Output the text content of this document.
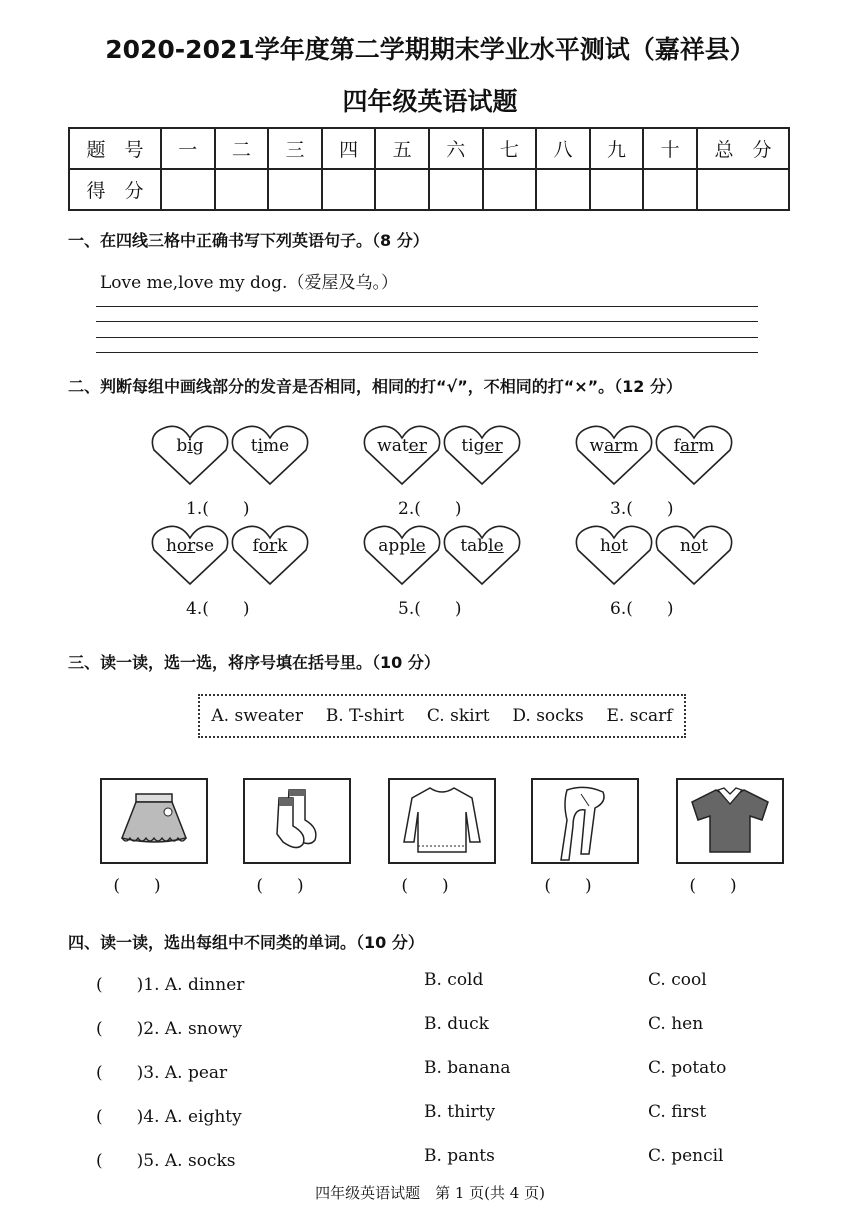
2020-2021学年度第二学期期末学业水平测试（嘉祥县）
四年级英语试题
题　号	一	二	三	四	五	六	七	八	九	十	总　分
得　分											
一、在四线三格中正确书写下列英语句子。（8 分）
Love me,love my dog.（爱屋及乌。）
二、判断每组中画线部分的发音是否相同，相同的打“√”，不相同的打“×”。（12 分）
big	time
1.(　　)
water	tiger
2.(　　)
warm	farm
3.(　　)
horse	fork
4.(　　)
apple	table
5.(　　)
hot	not
6.(　　)
三、读一读，选一选，将序号填在括号里。（10 分）
A. sweater B. T-shirt C. skirt D. socks E. scarf
()	()	()	()	()
四、读一读，选出每组中不同类的单词。（10 分）
(　　)1. A. dinner	B. cold	C. cool
(　　)2. A. snowy	B. duck	C. hen
(　　)3. A. pear	B. banana	C. potato
(　　)4. A. eighty	B. thirty	C. first
(　　)5. A. socks	B. pants	C. pencil
四年级英语试题　第 1 页(共 4 页)
